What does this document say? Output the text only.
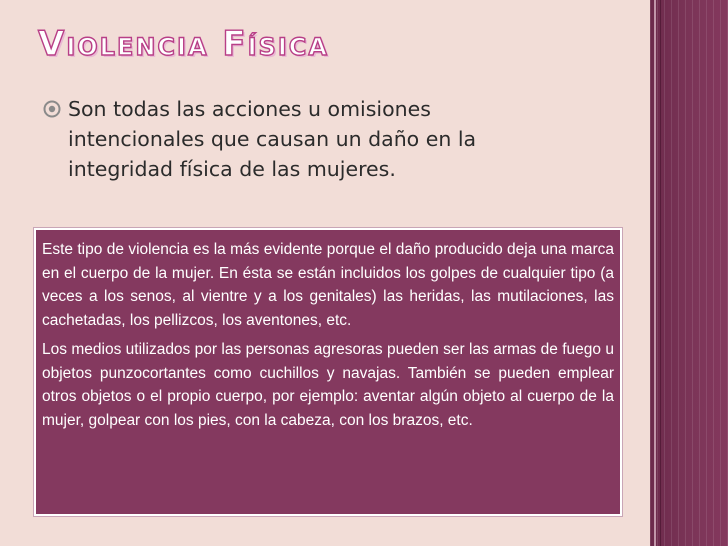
Violencia Física
Son todas las acciones u omisiones intencionales que causan un daño en la integridad física de las mujeres.

Este tipo de violencia es la más evidente porque el daño producido deja una marca en el cuerpo de la mujer. En ésta se están incluidos los golpes de cualquier tipo (a veces a los senos, al vientre y a los genitales) las heridas, las mutilaciones, las cachetadas, los pellizcos, los aventones, etc.

Los medios utilizados por las personas agresoras pueden ser las armas de fuego u objetos punzocortantes como cuchillos y navajas. También se pueden emplear otros objetos o el propio cuerpo, por ejemplo: aventar algún objeto al cuerpo de la mujer, golpear con los pies, con la cabeza, con los brazos, etc.
